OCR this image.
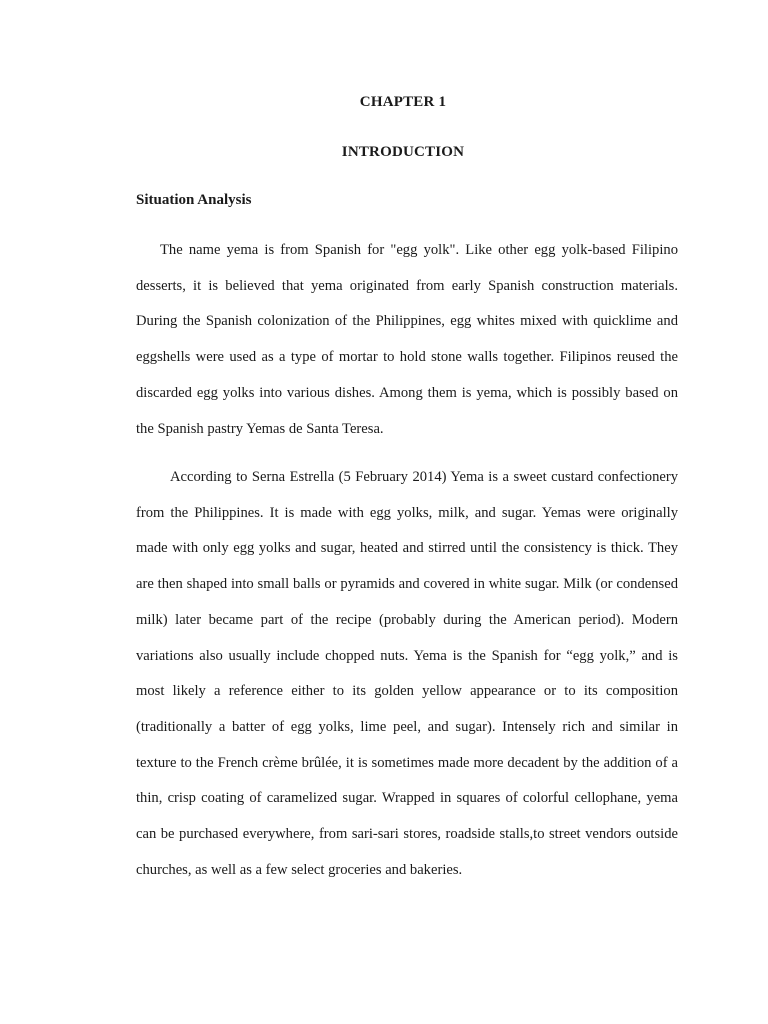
CHAPTER 1
INTRODUCTION
Situation Analysis

The name yema is from Spanish for "egg yolk". Like other egg yolk-based Filipino desserts, it is believed that yema originated from early Spanish construction materials. During the Spanish colonization of the Philippines, egg whites mixed with quicklime and eggshells were used as a type of mortar to hold stone walls together. Filipinos reused the discarded egg yolks into various dishes. Among them is yema, which is possibly based on the Spanish pastry Yemas de Santa Teresa.

According to Serna Estrella (5 February 2014) Yema is a sweet custard confectionery from the Philippines. It is made with egg yolks, milk, and sugar. Yemas were originally made with only egg yolks and sugar, heated and stirred until the consistency is thick. They are then shaped into small balls or pyramids and covered in white sugar. Milk (or condensed milk) later became part of the recipe (probably during the American period). Modern variations also usually include chopped nuts. Yema is the Spanish for “egg yolk,” and is most likely a reference either to its golden yellow appearance or to its composition (traditionally a batter of egg yolks, lime peel, and sugar). Intensely rich and similar in texture to the French crème brûlée, it is sometimes made more decadent by the addition of a thin, crisp coating of caramelized sugar. Wrapped in squares of colorful cellophane, yema can be purchased everywhere, from sari-sari stores, roadside stalls,to street vendors outside churches, as well as a few select groceries and bakeries.
